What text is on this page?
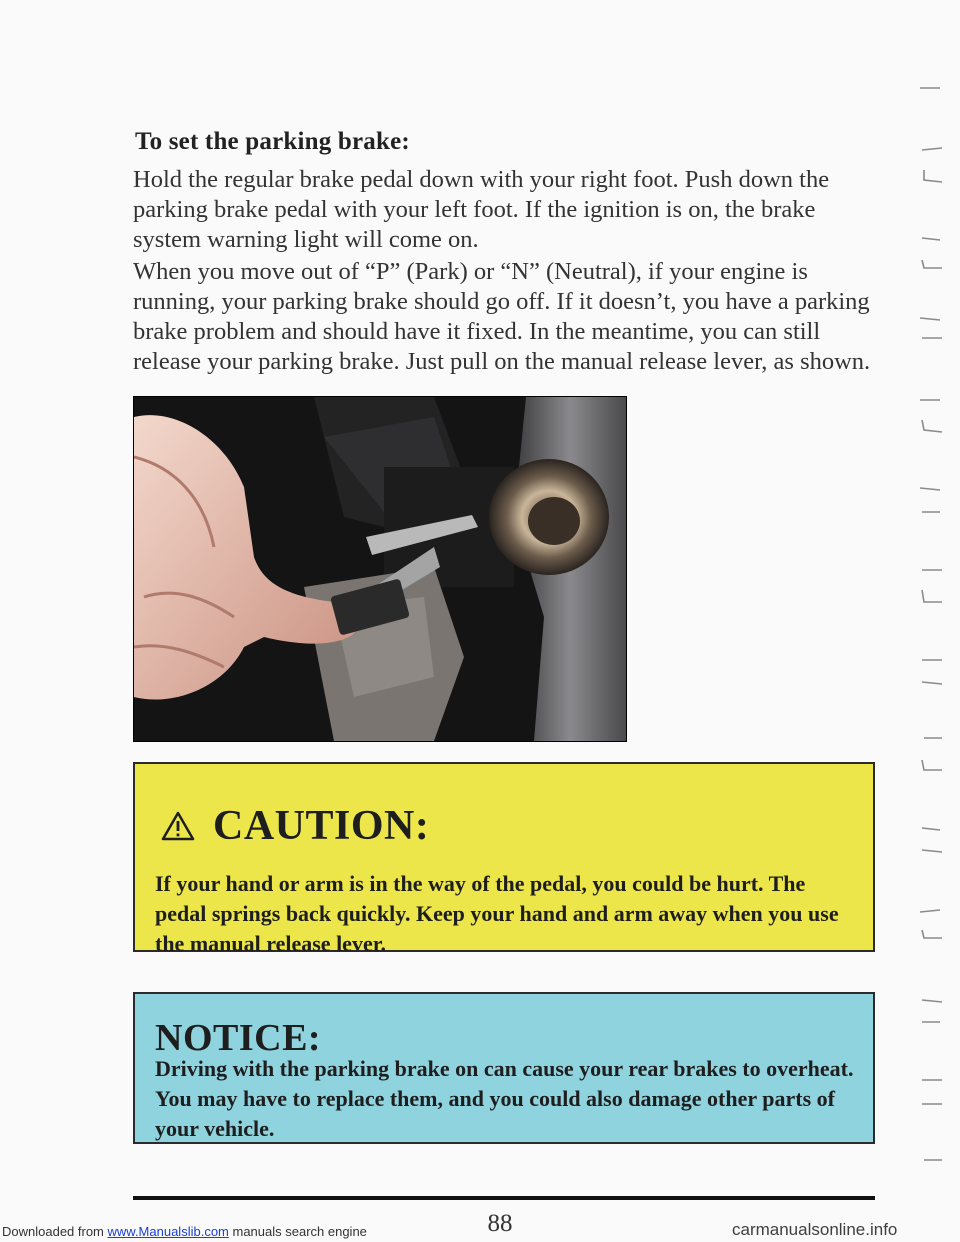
To set the parking brake:
Hold the regular brake pedal down with your right foot. Push down the parking brake pedal with your left foot. If the ignition is on, the brake system warning light will come on.
When you move out of “P” (Park) or “N” (Neutral), if your engine is running, your parking brake should go off. If it doesn’t, you have a parking brake problem and should have it fixed. In the meantime, you can still release your parking brake. Just pull on the manual release lever, as shown.
CAUTION:
If your hand or arm is in the way of the pedal, you could be hurt. The pedal springs back quickly. Keep your hand and arm away when you use the manual release lever.
NOTICE:
Driving with the parking brake on can cause your rear brakes to overheat. You may have to replace them, and you could also damage other parts of your vehicle.
88
Downloaded from www.Manualslib.com manuals search engine	carmanualsonline.info
